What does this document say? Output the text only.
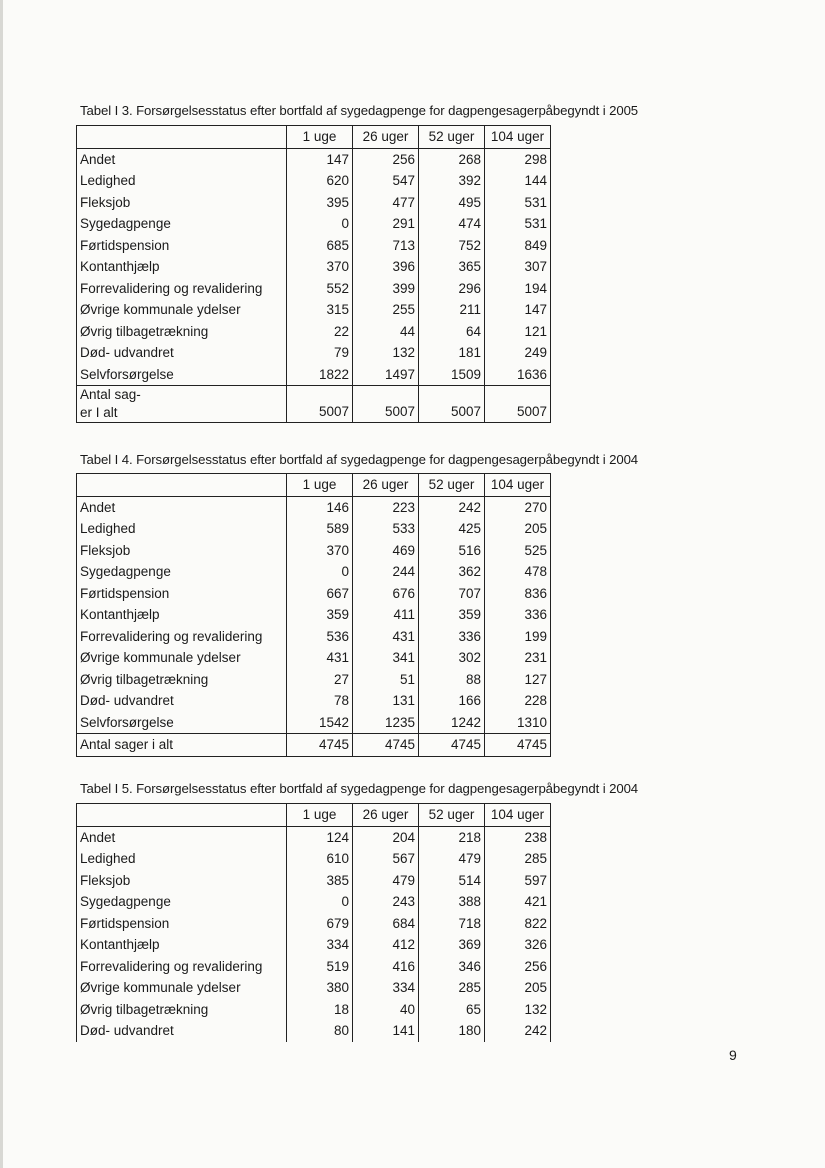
Tabel I 3. Forsørgelsesstatus efter bortfald af sygedagpenge for dagpengesagerpåbegyndt i 2005
	1 uge	26 uger	52 uger	104 uger
Andet	147	256	268	298
Ledighed	620	547	392	144
Fleksjob	395	477	495	531
Sygedagpenge	0	291	474	531
Førtidspension	685	713	752	849
Kontanthjælp	370	396	365	307
Forrevalidering og revalidering	552	399	296	194
Øvrige kommunale ydelser	315	255	211	147
Øvrig tilbagetrækning	22	44	64	121
Død- udvandret	79	132	181	249
Selvforsørgelse	1822	1497	1509	1636

Antal sag-
er I alt	5007	5007	5007	5007
Tabel I 4. Forsørgelsesstatus efter bortfald af sygedagpenge for dagpengesagerpåbegyndt i 2004
	1 uge	26 uger	52 uger	104 uger
Andet	146	223	242	270
Ledighed	589	533	425	205
Fleksjob	370	469	516	525
Sygedagpenge	0	244	362	478
Førtidspension	667	676	707	836
Kontanthjælp	359	411	359	336
Forrevalidering og revalidering	536	431	336	199
Øvrige kommunale ydelser	431	341	302	231
Øvrig tilbagetrækning	27	51	88	127
Død- udvandret	78	131	166	228
Selvforsørgelse	1542	1235	1242	1310
Antal sager i alt	4745	4745	4745	4745
Tabel I 5. Forsørgelsesstatus efter bortfald af sygedagpenge for dagpengesagerpåbegyndt i 2004
	1 uge	26 uger	52 uger	104 uger
Andet	124	204	218	238
Ledighed	610	567	479	285
Fleksjob	385	479	514	597
Sygedagpenge	0	243	388	421
Førtidspension	679	684	718	822
Kontanthjælp	334	412	369	326
Forrevalidering og revalidering	519	416	346	256
Øvrige kommunale ydelser	380	334	285	205
Øvrig tilbagetrækning	18	40	65	132
Død- udvandret	80	141	180	242
9
